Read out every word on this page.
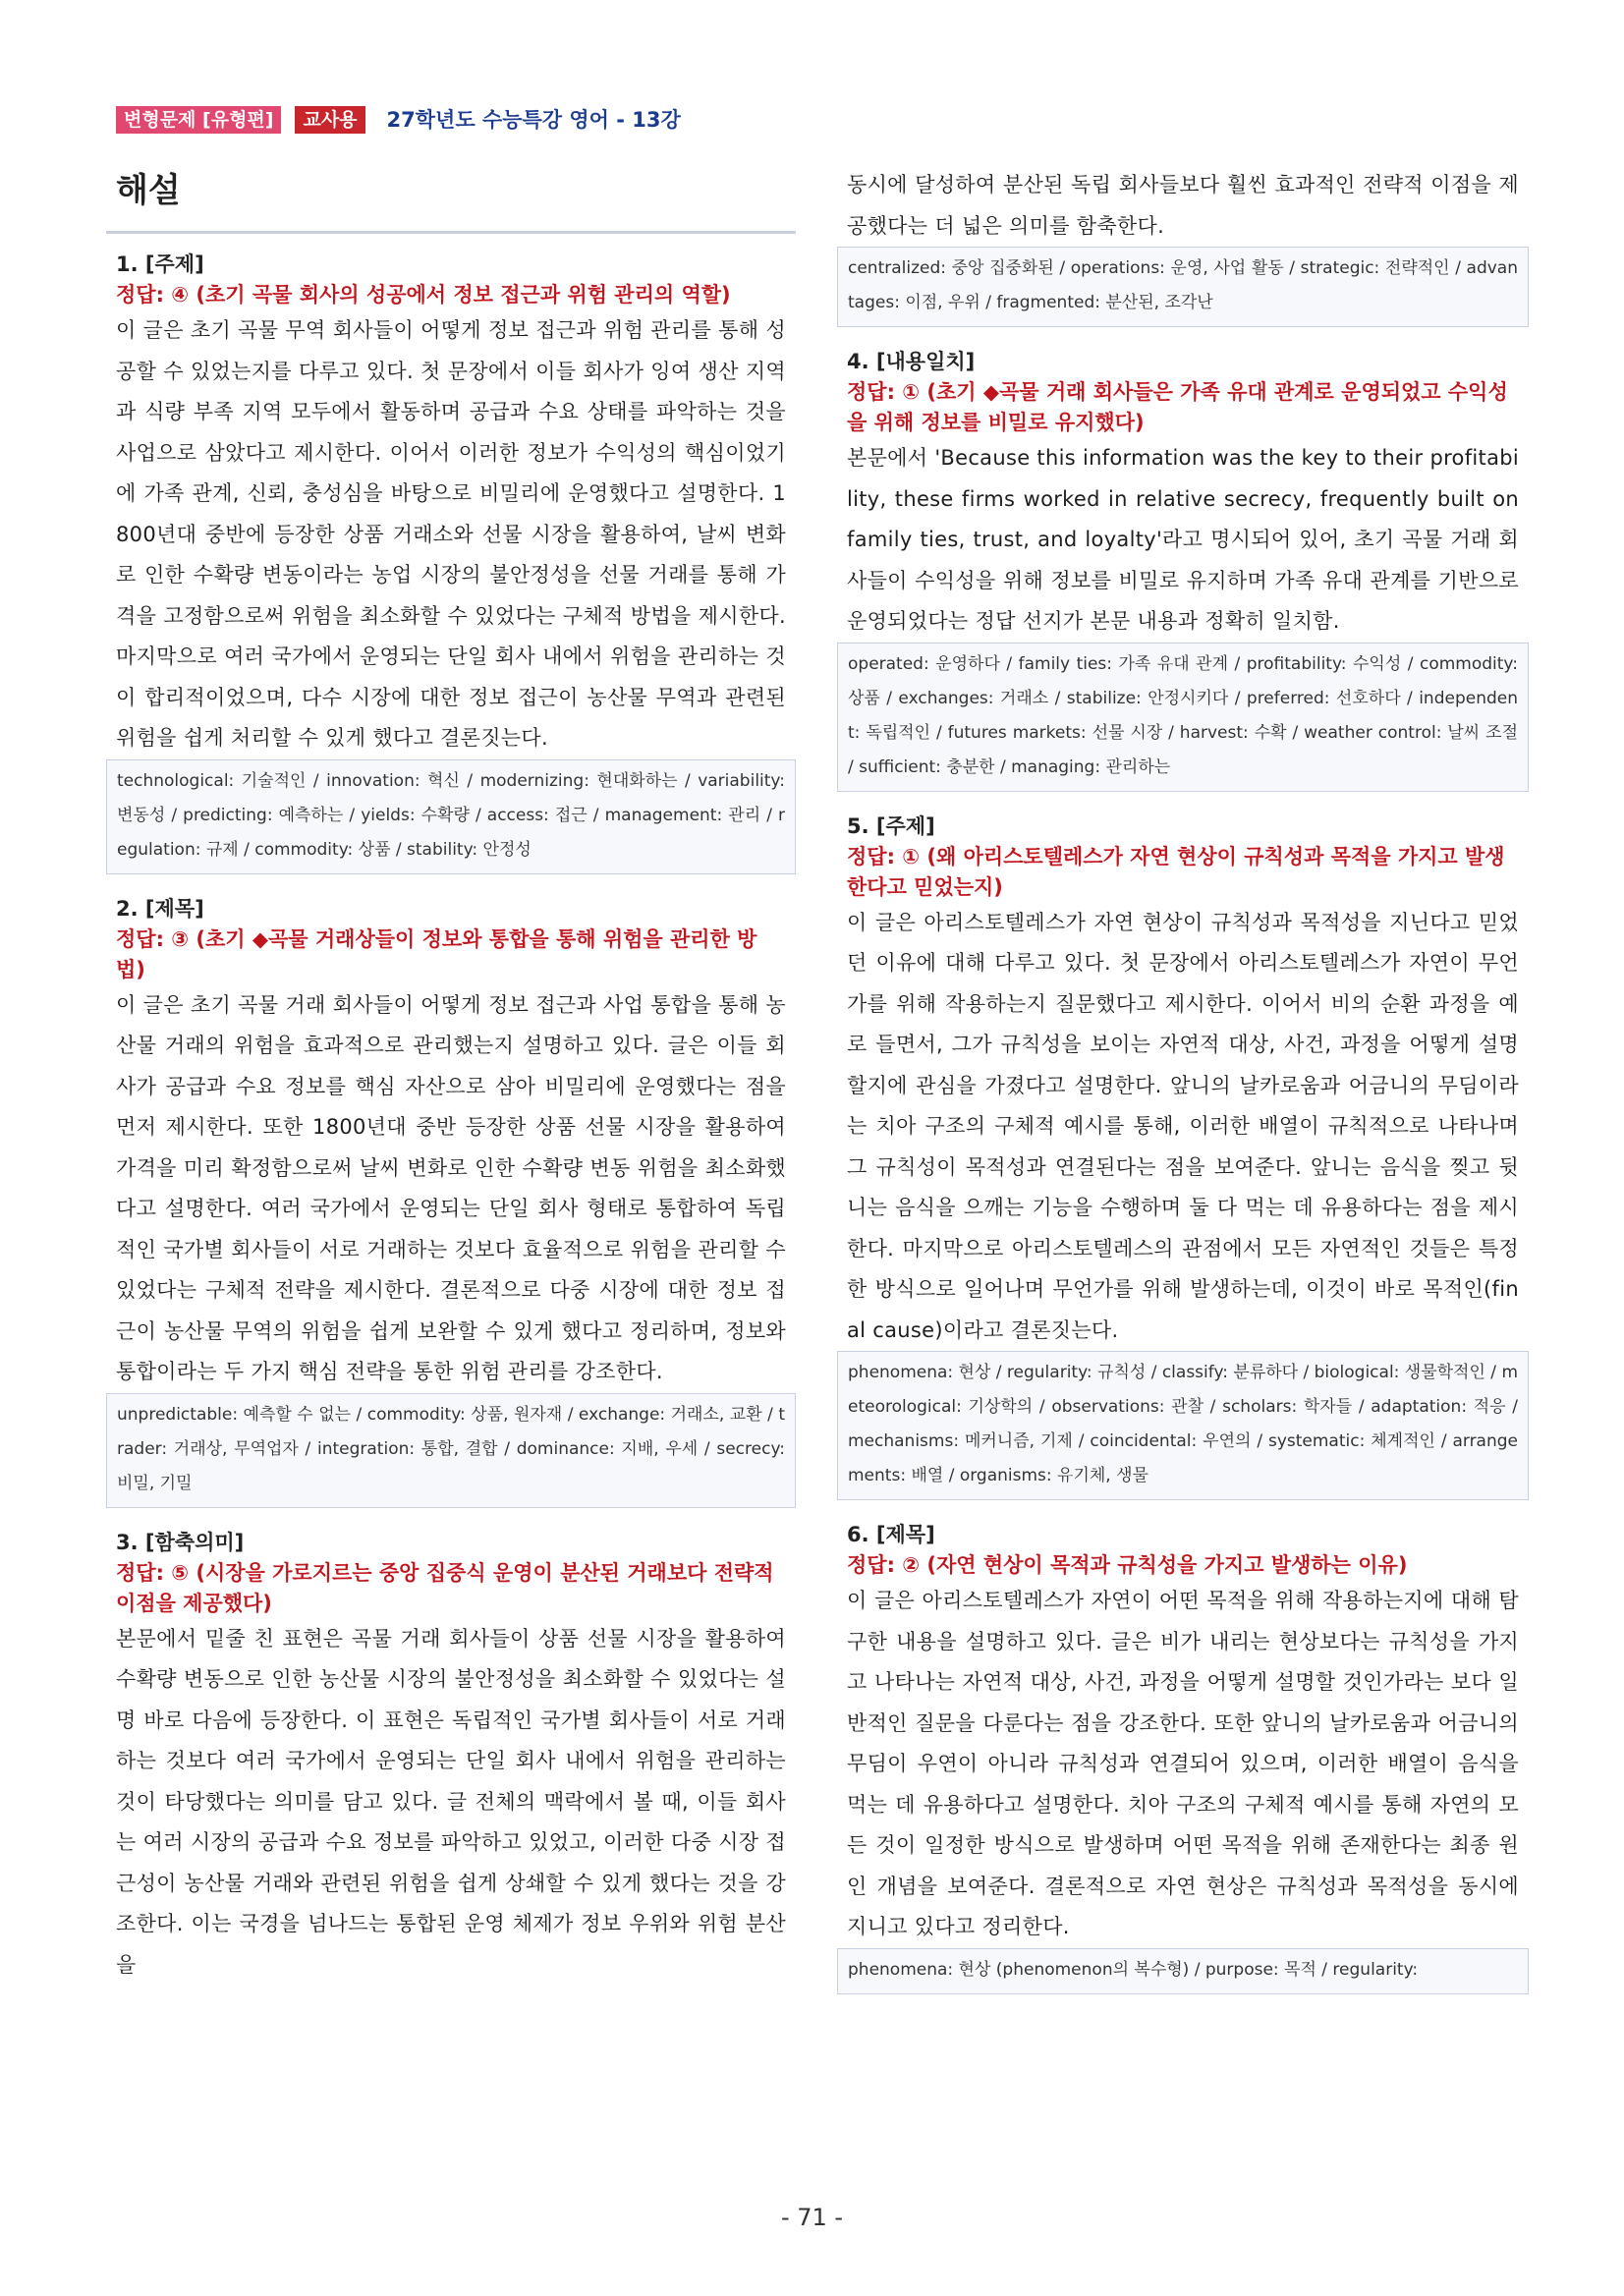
변형문제 [유형편] 교사용 27학년도 수능특강 영어 - 13강
해설
1. [주제]
정답: ④ (초기 곡물 회사의 성공에서 정보 접근과 위험 관리의 역할)
이 글은 초기 곡물 무역 회사들이 어떻게 정보 접근과 위험 관리를 통해 성공할 수 있었는지를 다루고 있다. 첫 문장에서 이들 회사가 잉여 생산 지역과 식량 부족 지역 모두에서 활동하며 공급과 수요 상태를 파악하는 것을 사업으로 삼았다고 제시한다. 이어서 이러한 정보가 수익성의 핵심이었기에 가족 관계, 신뢰, 충성심을 바탕으로 비밀리에 운영했다고 설명한다. 1800년대 중반에 등장한 상품 거래소와 선물 시장을 활용하여, 날씨 변화로 인한 수확량 변동이라는 농업 시장의 불안정성을 선물 거래를 통해 가격을 고정함으로써 위험을 최소화할 수 있었다는 구체적 방법을 제시한다. 마지막으로 여러 국가에서 운영되는 단일 회사 내에서 위험을 관리하는 것이 합리적이었으며, 다수 시장에 대한 정보 접근이 농산물 무역과 관련된 위험을 쉽게 처리할 수 있게 했다고 결론짓는다.
technological: 기술적인 / innovation: 혁신 / modernizing: 현대화하는 / variability: 변동성 / predicting: 예측하는 / yields: 수확량 / access: 접근 / management: 관리 / regulation: 규제 / commodity: 상품 / stability: 안정성
2. [제목]
정답: ③ (초기 ◆곡물 거래상들이 정보와 통합을 통해 위험을 관리한 방법)
이 글은 초기 곡물 거래 회사들이 어떻게 정보 접근과 사업 통합을 통해 농산물 거래의 위험을 효과적으로 관리했는지 설명하고 있다. 글은 이들 회사가 공급과 수요 정보를 핵심 자산으로 삼아 비밀리에 운영했다는 점을 먼저 제시한다. 또한 1800년대 중반 등장한 상품 선물 시장을 활용하여 가격을 미리 확정함으로써 날씨 변화로 인한 수확량 변동 위험을 최소화했다고 설명한다. 여러 국가에서 운영되는 단일 회사 형태로 통합하여 독립적인 국가별 회사들이 서로 거래하는 것보다 효율적으로 위험을 관리할 수 있었다는 구체적 전략을 제시한다. 결론적으로 다중 시장에 대한 정보 접근이 농산물 무역의 위험을 쉽게 보완할 수 있게 했다고 정리하며, 정보와 통합이라는 두 가지 핵심 전략을 통한 위험 관리를 강조한다.
unpredictable: 예측할 수 없는 / commodity: 상품, 원자재 / exchange: 거래소, 교환 / trader: 거래상, 무역업자 / integration: 통합, 결합 / dominance: 지배, 우세 / secrecy: 비밀, 기밀
3. [함축의미]
정답: ⑤ (시장을 가로지르는 중앙 집중식 운영이 분산된 거래보다 전략적 이점을 제공했다)
본문에서 밑줄 친 표현은 곡물 거래 회사들이 상품 선물 시장을 활용하여 수확량 변동으로 인한 농산물 시장의 불안정성을 최소화할 수 있었다는 설명 바로 다음에 등장한다. 이 표현은 독립적인 국가별 회사들이 서로 거래하는 것보다 여러 국가에서 운영되는 단일 회사 내에서 위험을 관리하는 것이 타당했다는 의미를 담고 있다. 글 전체의 맥락에서 볼 때, 이들 회사는 여러 시장의 공급과 수요 정보를 파악하고 있었고, 이러한 다중 시장 접근성이 농산물 거래와 관련된 위험을 쉽게 상쇄할 수 있게 했다는 것을 강조한다. 이는 국경을 넘나드는 통합된 운영 체제가 정보 우위와 위험 분산을
동시에 달성하여 분산된 독립 회사들보다 훨씬 효과적인 전략적 이점을 제공했다는 더 넓은 의미를 함축한다.
centralized: 중앙 집중화된 / operations: 운영, 사업 활동 / strategic: 전략적인 / advantages: 이점, 우위 / fragmented: 분산된, 조각난
4. [내용일치]
정답: ① (초기 ◆곡물 거래 회사들은 가족 유대 관계로 운영되었고 수익성을 위해 정보를 비밀로 유지했다)
본문에서 'Because this information was the key to their profitability, these firms worked in relative secrecy, frequently built on family ties, trust, and loyalty'라고 명시되어 있어, 초기 곡물 거래 회사들이 수익성을 위해 정보를 비밀로 유지하며 가족 유대 관계를 기반으로 운영되었다는 정답 선지가 본문 내용과 정확히 일치함.
operated: 운영하다 / family ties: 가족 유대 관계 / profitability: 수익성 / commodity: 상품 / exchanges: 거래소 / stabilize: 안정시키다 / preferred: 선호하다 / independent: 독립적인 / futures markets: 선물 시장 / harvest: 수확 / weather control: 날씨 조절 / sufficient: 충분한 / managing: 관리하는
5. [주제]
정답: ① (왜 아리스토텔레스가 자연 현상이 규칙성과 목적을 가지고 발생한다고 믿었는지)
이 글은 아리스토텔레스가 자연 현상이 규칙성과 목적성을 지닌다고 믿었던 이유에 대해 다루고 있다. 첫 문장에서 아리스토텔레스가 자연이 무언가를 위해 작용하는지 질문했다고 제시한다. 이어서 비의 순환 과정을 예로 들면서, 그가 규칙성을 보이는 자연적 대상, 사건, 과정을 어떻게 설명할지에 관심을 가졌다고 설명한다. 앞니의 날카로움과 어금니의 무딤이라는 치아 구조의 구체적 예시를 통해, 이러한 배열이 규칙적으로 나타나며 그 규칙성이 목적성과 연결된다는 점을 보여준다. 앞니는 음식을 찢고 뒷니는 음식을 으깨는 기능을 수행하며 둘 다 먹는 데 유용하다는 점을 제시한다. 마지막으로 아리스토텔레스의 관점에서 모든 자연적인 것들은 특정한 방식으로 일어나며 무언가를 위해 발생하는데, 이것이 바로 목적인(final cause)이라고 결론짓는다.
phenomena: 현상 / regularity: 규칙성 / classify: 분류하다 / biological: 생물학적인 / meteorological: 기상학의 / observations: 관찰 / scholars: 학자들 / adaptation: 적응 / mechanisms: 메커니즘, 기제 / coincidental: 우연의 / systematic: 체계적인 / arrangements: 배열 / organisms: 유기체, 생물
6. [제목]
정답: ② (자연 현상이 목적과 규칙성을 가지고 발생하는 이유)
이 글은 아리스토텔레스가 자연이 어떤 목적을 위해 작용하는지에 대해 탐구한 내용을 설명하고 있다. 글은 비가 내리는 현상보다는 규칙성을 가지고 나타나는 자연적 대상, 사건, 과정을 어떻게 설명할 것인가라는 보다 일반적인 질문을 다룬다는 점을 강조한다. 또한 앞니의 날카로움과 어금니의 무딤이 우연이 아니라 규칙성과 연결되어 있으며, 이러한 배열이 음식을 먹는 데 유용하다고 설명한다. 치아 구조의 구체적 예시를 통해 자연의 모든 것이 일정한 방식으로 발생하며 어떤 목적을 위해 존재한다는 최종 원인 개념을 보여준다. 결론적으로 자연 현상은 규칙성과 목적성을 동시에 지니고 있다고 정리한다.
phenomena: 현상 (phenomenon의 복수형) / purpose: 목적 / regularity:
- 71 -
